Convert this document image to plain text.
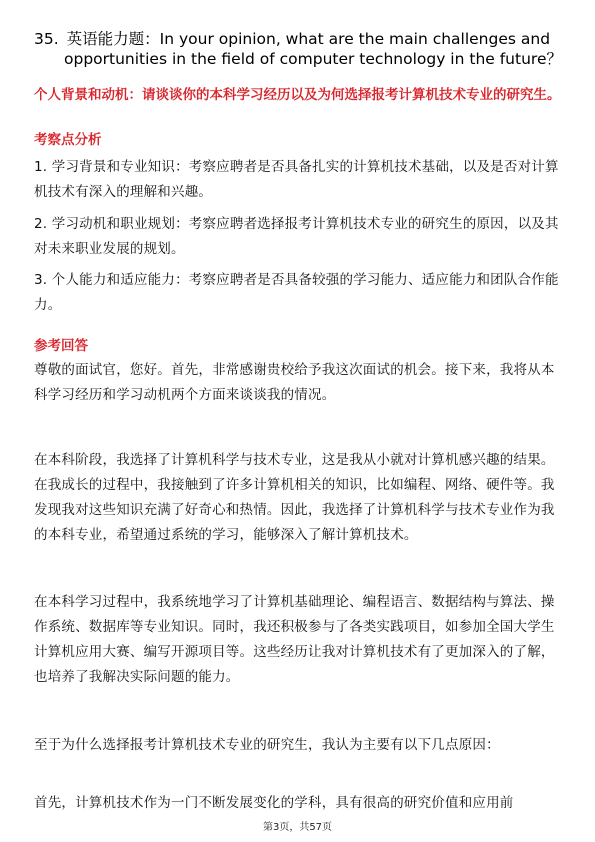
35. 英语能力题：In your opinion, what are the main challenges and
opportunities in the field of computer technology in the future？
个人背景和动机：请谈谈你的本科学习经历以及为何选择报考计算机技术专业的研究生。
考察点分析
1. 学习背景和专业知识：考察应聘者是否具备扎实的计算机技术基础，以及是否对计算机技术有深入的理解和兴趣。
2. 学习动机和职业规划：考察应聘者选择报考计算机技术专业的研究生的原因，以及其对未来职业发展的规划。
3. 个人能力和适应能力：考察应聘者是否具备较强的学习能力、适应能力和团队合作能力。
参考回答
尊敬的面试官，您好。首先，非常感谢贵校给予我这次面试的机会。接下来，我将从本科学习经历和学习动机两个方面来谈谈我的情况。
在本科阶段，我选择了计算机科学与技术专业，这是我从小就对计算机感兴趣的结果。在我成长的过程中，我接触到了许多计算机相关的知识，比如编程、网络、硬件等。我发现我对这些知识充满了好奇心和热情。因此，我选择了计算机科学与技术专业作为我的本科专业，希望通过系统的学习，能够深入了解计算机技术。
在本科学习过程中，我系统地学习了计算机基础理论、编程语言、数据结构与算法、操作系统、数据库等专业知识。同时，我还积极参与了各类实践项目，如参加全国大学生计算机应用大赛、编写开源项目等。这些经历让我对计算机技术有了更加深入的了解，也培养了我解决实际问题的能力。
至于为什么选择报考计算机技术专业的研究生，我认为主要有以下几点原因：
首先，计算机技术作为一门不断发展变化的学科，具有很高的研究价值和应用前
第3页，共57页
